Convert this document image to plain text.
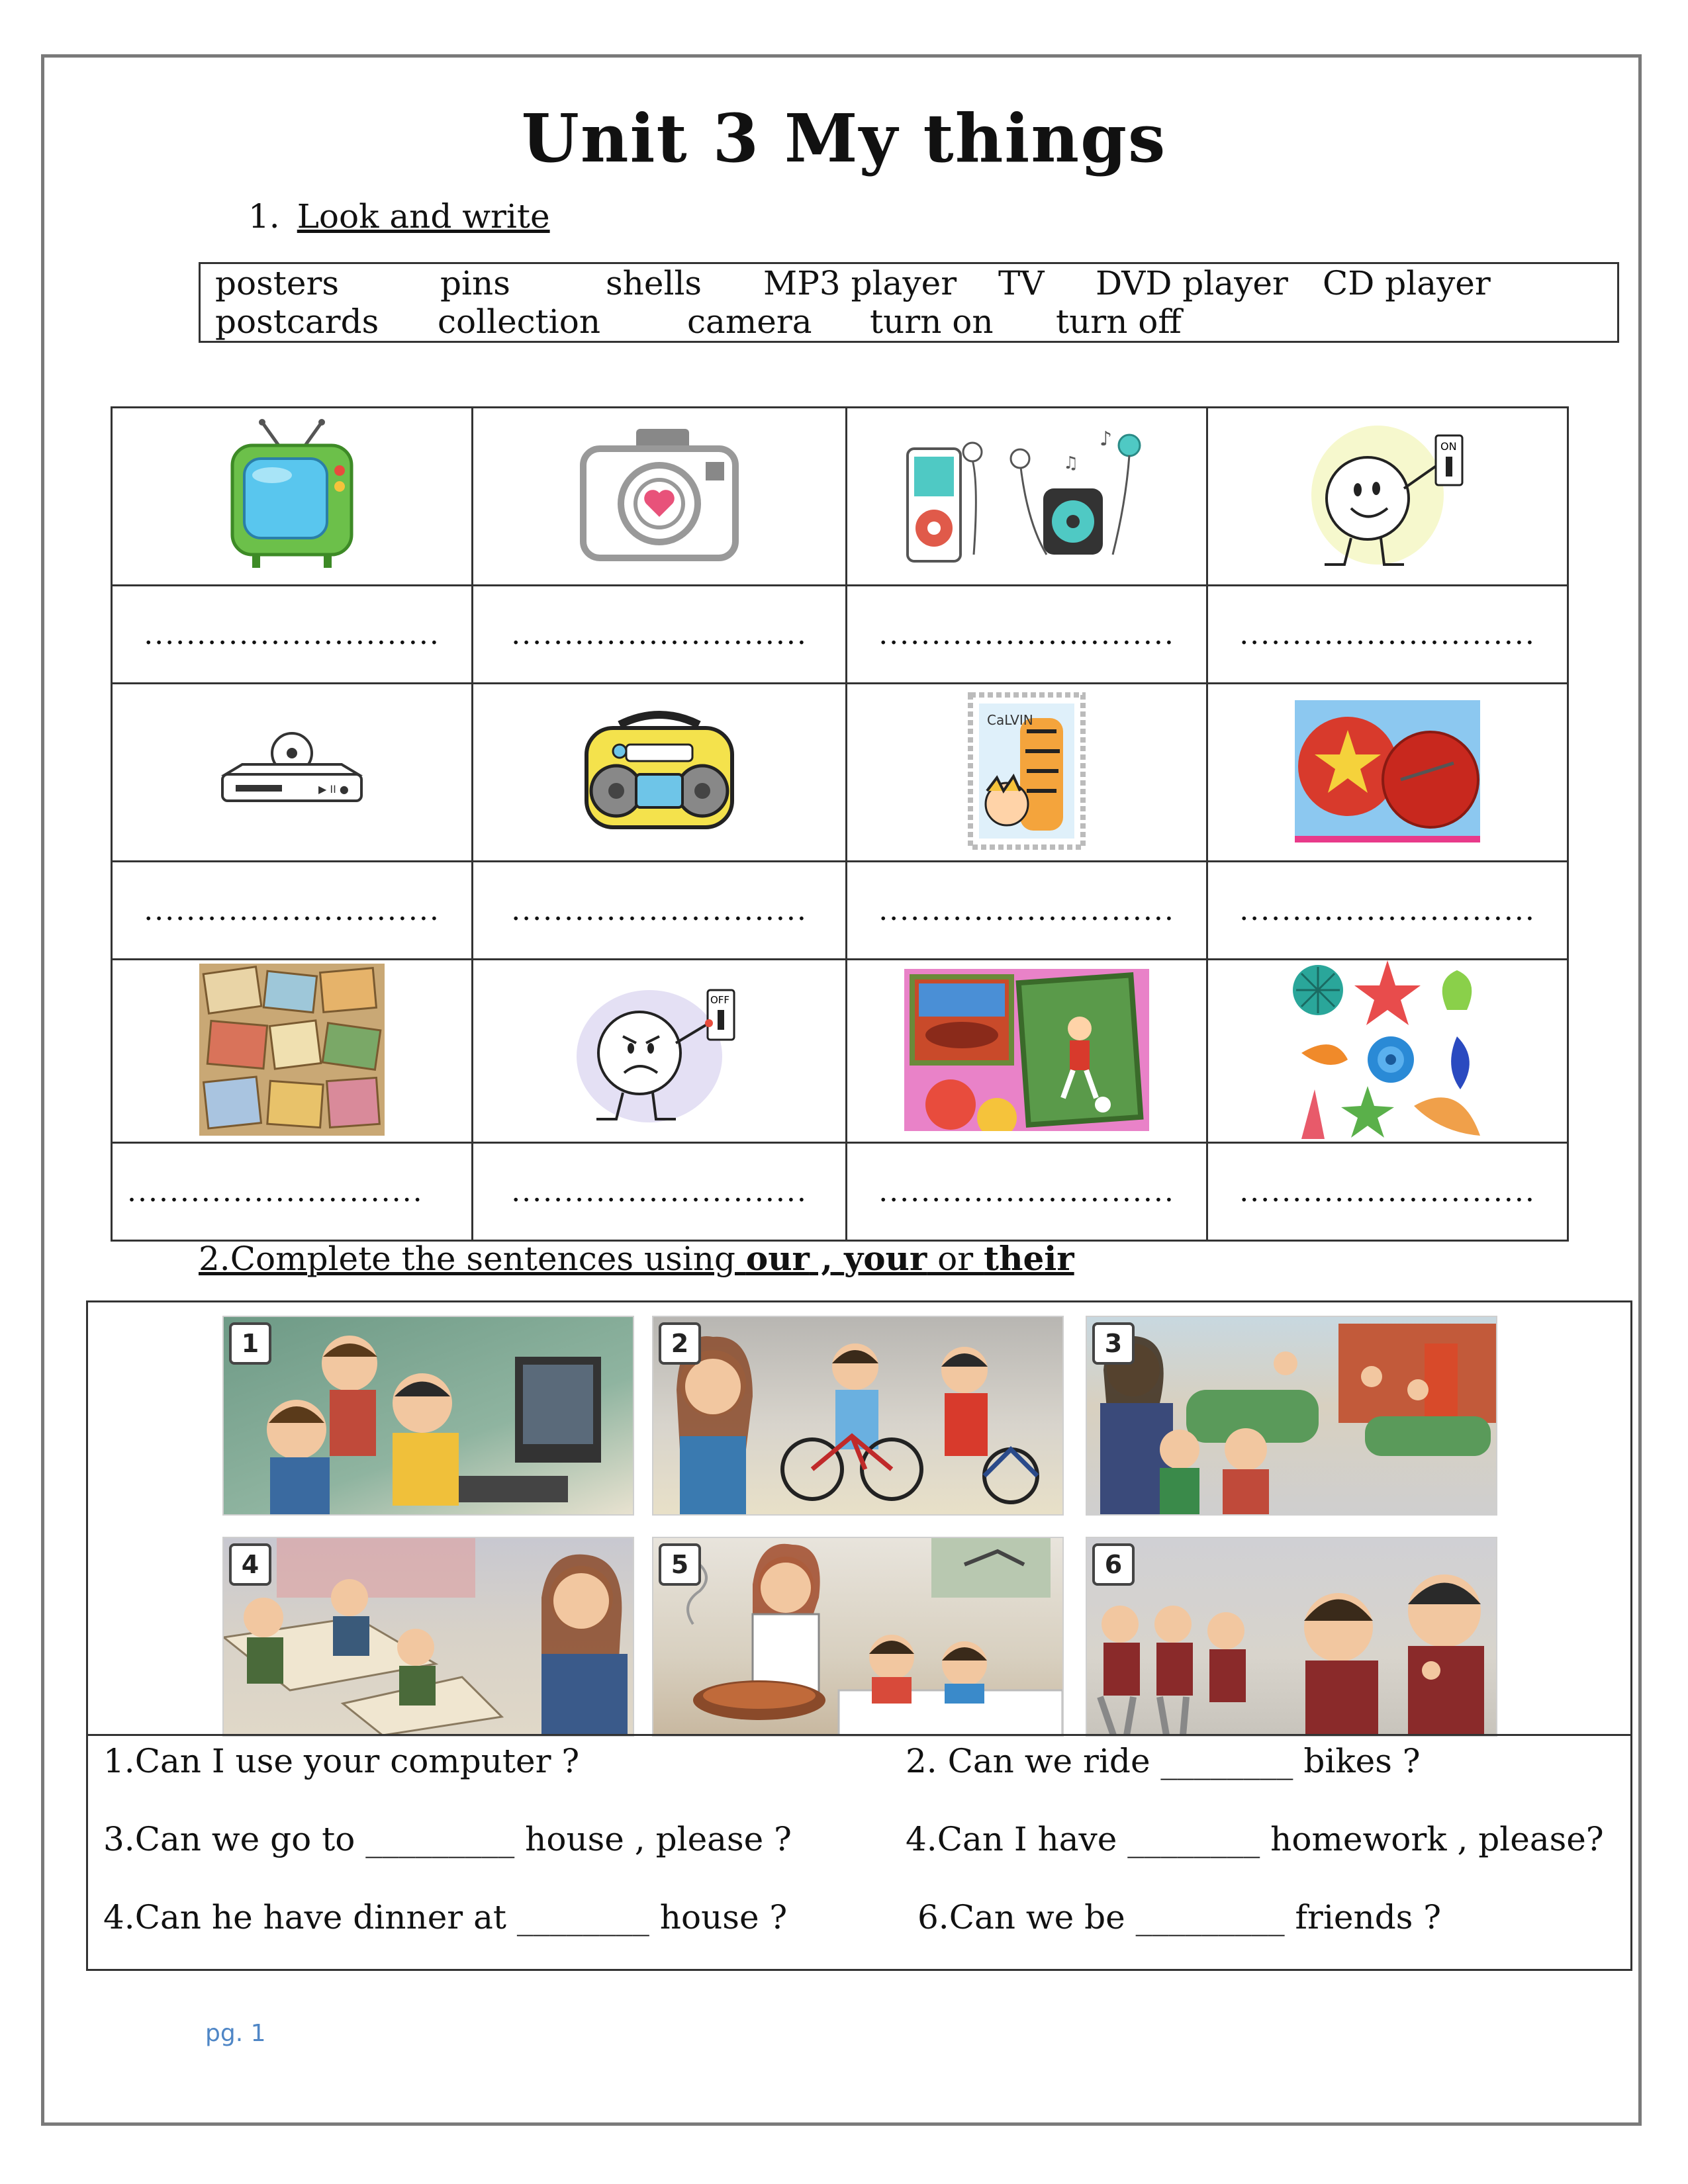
Unit 3 My things
1. Look and write
posters	pins	shells MP3 player TV DVD player CD player
postcards collection	camera turn on turn off

♪
♫	ON

............................	............................	............................	............................

▶ II ●		CaLVIN

............................	............................	............................	............................

OFF

............................	............................	............................	............................
2.Complete the sentences using our , your or their
1	2	3
4	5	6
1.Can I use your computer ?	2. Can we ride ________ bikes ?
3.Can we go to _________ house , please ?	4.Can I have ________ homework , please?
4.Can he have dinner at ________ house ?	6.Can we be _________ friends ?
pg. 1
